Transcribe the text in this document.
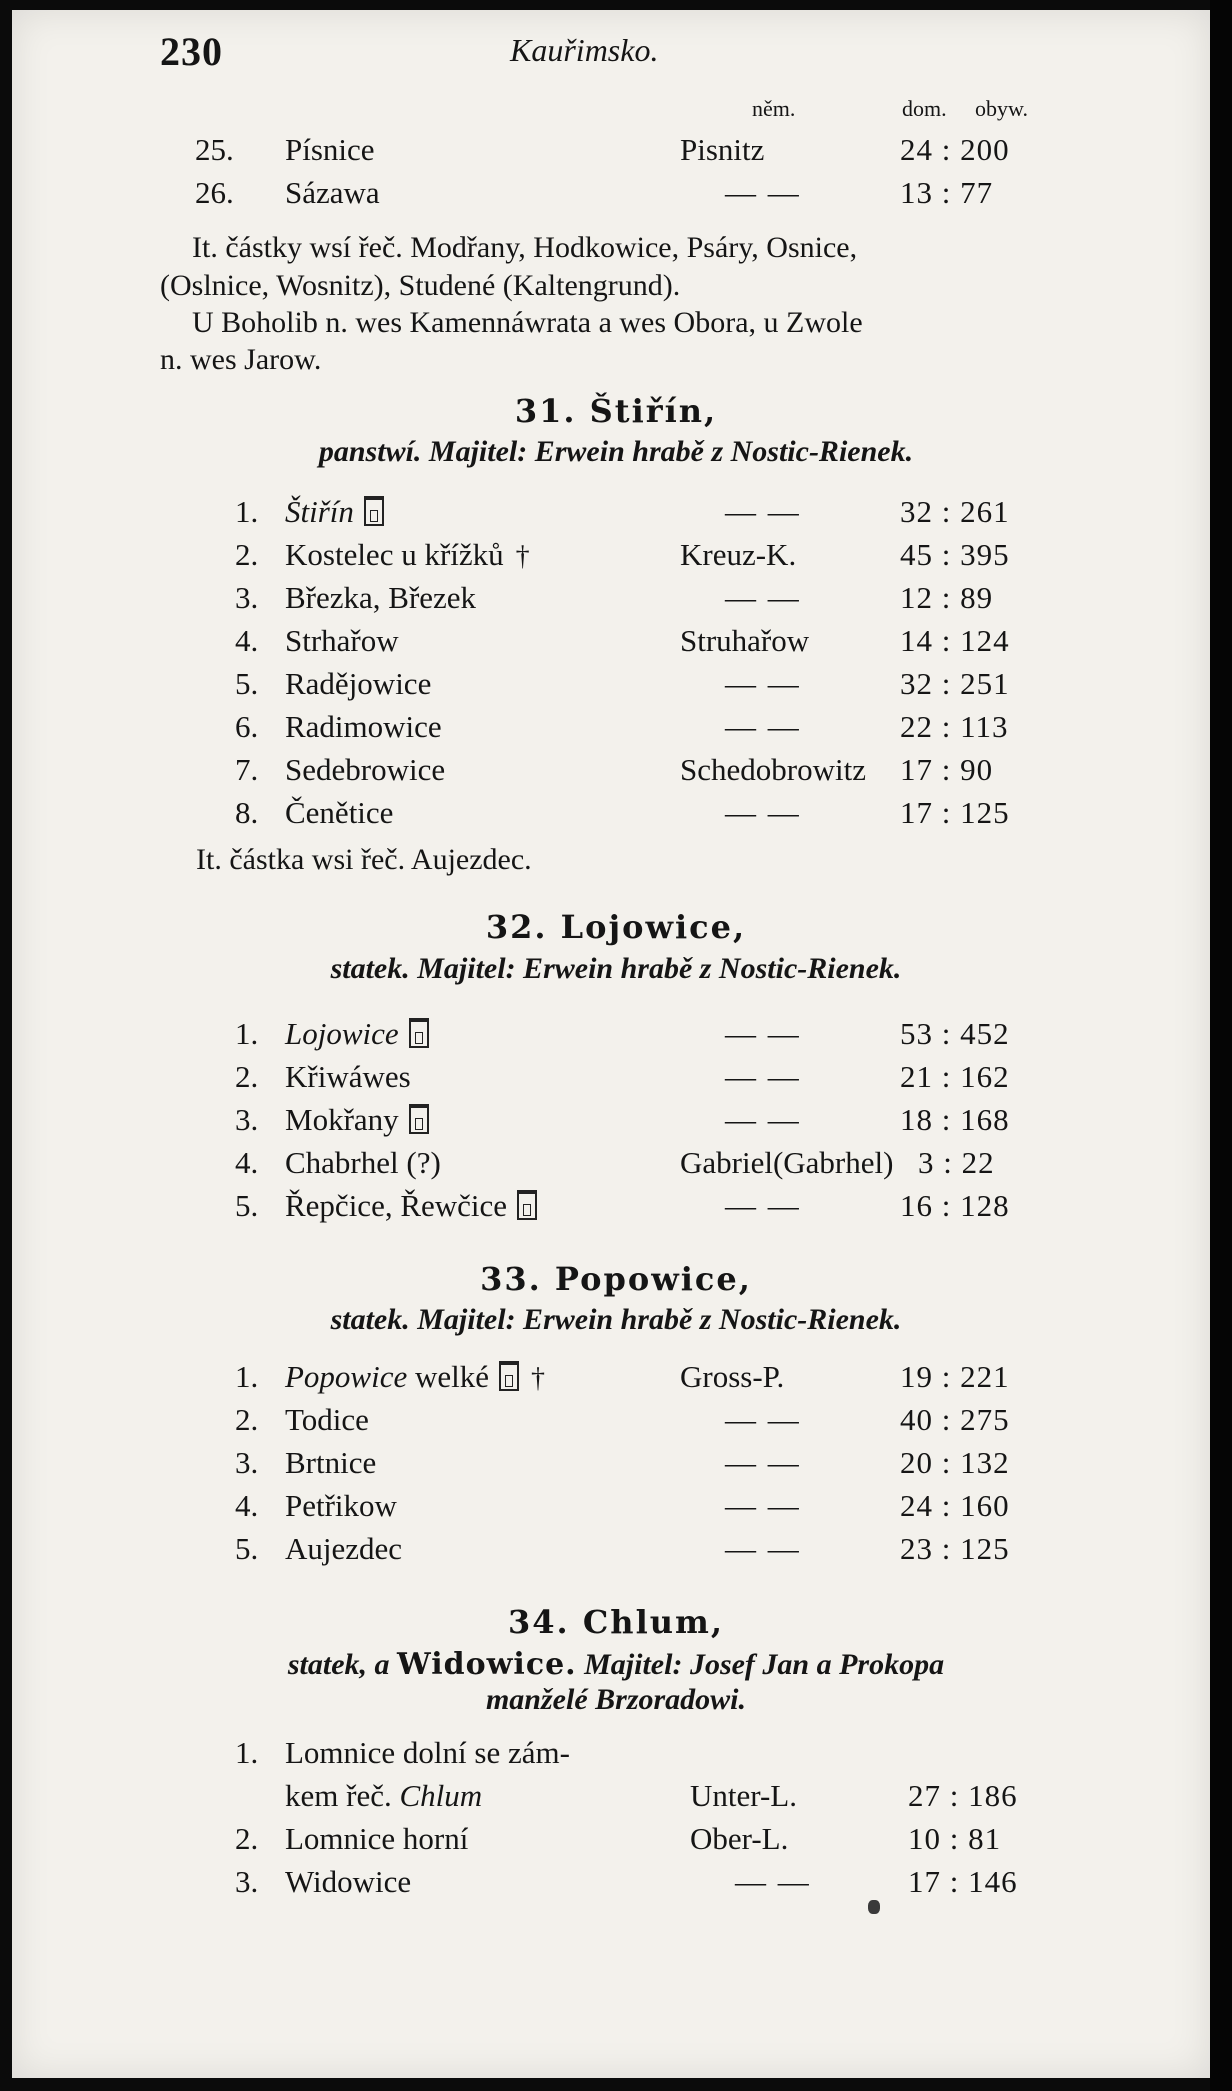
230	Kauřimsko.
něm.	dom. obyw.
25. Písnice	Pisnitz	24 : 200
26. Sázawa	— —	13 : 77
It. částky wsí řeč. Modřany, Hodkowice, Psáry, Osnice,
(Oslnice, Wosnitz), Studené (Kaltengrund).
U Boholib n. wes Kamennáwrata a wes Obora, u Zwole
n. wes Jarow.
31. Štiřín,
panstwí. Majitel: Erwein hrabě z Nostic-Rienek.
1. Štiřín	— —	32 : 261
2. Kostelec u křížků †	Kreuz-K.	45 : 395
3. Březka, Březek	— —	12 : 89
4. Strhařow	Struhařow	14 : 124
5. Radějowice	— —	32 : 251
6. Radimowice	— —	22 : 113
7. Sedebrowice	Schedobrowitz 17 : 90
8. Čenětice	— —	17 : 125
It. částka wsi řeč. Aujezdec.
32. Lojowice,
statek. Majitel: Erwein hrabě z Nostic-Rienek.
1. Lojowice	— —	53 : 452
2. Křiwáwes	— —	21 : 162
3. Mokřany	— —	18 : 168
4. Chabrhel (?)	Gabriel(Gabrhel) 3 : 22
5. Řepčice, Řewčice	— —	16 : 128
33. Popowice,
statek. Majitel: Erwein hrabě z Nostic-Rienek.
1. Popowice welké †	Gross-P.	19 : 221
2. Todice	— —	40 : 275
3. Brtnice	— —	20 : 132
4. Petřikow	— —	24 : 160
5. Aujezdec	— —	23 : 125
34. Chlum,
statek, a Widowice. Majitel: Josef Jan a Prokopa
manželé Brzoradowi.
1. Lomnice dolní se zám-
kem řeč. Chlum	Unter-L.	27 : 186
2. Lomnice horní	Ober-L.	10 : 81
3. Widowice	— —	17 : 146
